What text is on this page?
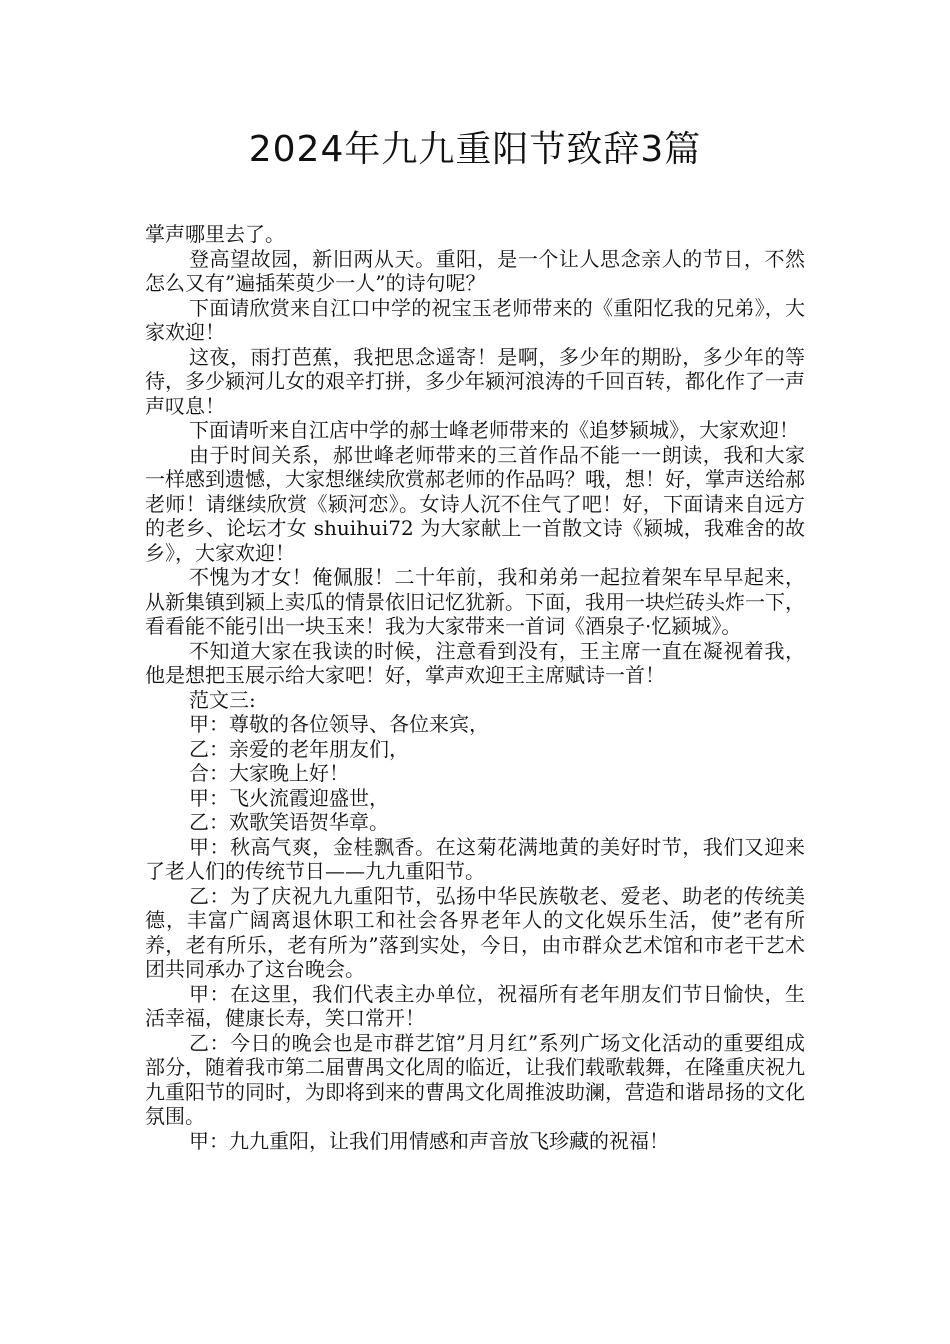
2024年九九重阳节致辞3篇

掌声哪里去了。

登高望故园，新旧两从天。重阳，是一个让人思念亲人的节日，不然怎么又有”遍插茱萸少一人”的诗句呢？

下面请欣赏来自江口中学的祝宝玉老师带来的《重阳忆我的兄弟》，大家欢迎！

这夜，雨打芭蕉，我把思念遥寄！是啊，多少年的期盼，多少年的等待，多少颍河儿女的艰辛打拼，多少年颍河浪涛的千回百转，都化作了一声声叹息！

下面请听来自江店中学的郝士峰老师带来的《追梦颍城》，大家欢迎！

由于时间关系，郝世峰老师带来的三首作品不能一一朗读，我和大家一样感到遗憾，大家想继续欣赏郝老师的作品吗？哦，想！好，掌声送给郝老师！请继续欣赏《颍河恋》。女诗人沉不住气了吧！好，下面请来自远方的老乡、论坛才女 shuihui72 为大家献上一首散文诗《颍城，我难舍的故乡》，大家欢迎！

不愧为才女！俺佩服！二十年前，我和弟弟一起拉着架车早早起来，从新集镇到颍上卖瓜的情景依旧记忆犹新。下面，我用一块烂砖头炸一下，看看能不能引出一块玉来！我为大家带来一首词《酒泉子·忆颍城》。

不知道大家在我读的时候，注意看到没有，王主席一直在凝视着我，他是想把玉展示给大家吧！好，掌声欢迎王主席赋诗一首！

范文三:

甲：尊敬的各位领导、各位来宾，

乙：亲爱的老年朋友们，

合：大家晚上好！

甲：飞火流霞迎盛世，

乙：欢歌笑语贺华章。

甲：秋高气爽，金桂飘香。在这菊花满地黄的美好时节，我们又迎来了老人们的传统节日——九九重阳节。

乙：为了庆祝九九重阳节，弘扬中华民族敬老、爱老、助老的传统美德，丰富广阔离退休职工和社会各界老年人的文化娱乐生活，使”老有所养，老有所乐，老有所为”落到实处，今日，由市群众艺术馆和市老干艺术团共同承办了这台晚会。

甲：在这里，我们代表主办单位，祝福所有老年朋友们节日愉快，生活幸福，健康长寿，笑口常开！

乙：今日的晚会也是市群艺馆”月月红”系列广场文化活动的重要组成部分，随着我市第二届曹禺文化周的临近，让我们载歌载舞，在隆重庆祝九九重阳节的同时，为即将到来的曹禺文化周推波助澜，营造和谐昂扬的文化氛围。

甲：九九重阳，让我们用情感和声音放飞珍藏的祝福！
